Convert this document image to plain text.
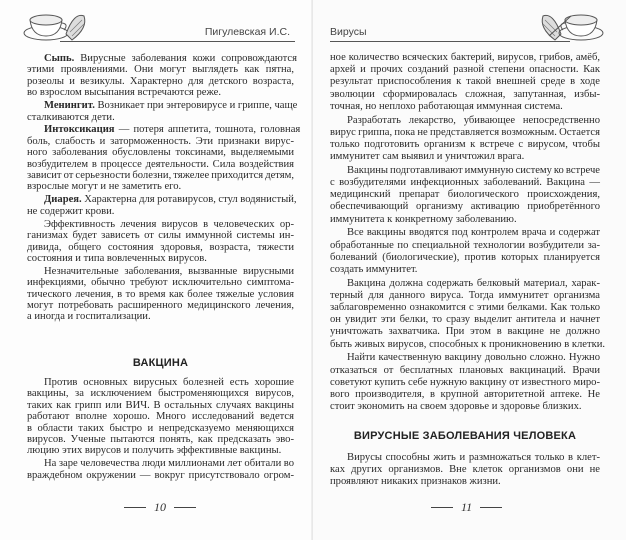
Пигулевская И.С.
Сыпь. Вирусные заболевания кожи сопровождаются
этими проявлениями. Они могут выглядеть как пятна,
розеолы и везикулы. Характерно для детского возраста,
во взрослом высыпания встречаются реже.
Менингит. Возникает при энтеровирусе и гриппе, чаще
сталкиваются дети.
Интоксикация — потеря аппетита, тошнота, головная
боль, слабость и заторможенность. Эти признаки вирус-
ного заболевания обусловлены токсинами, выделяемыми
возбудителем в процессе деятельности. Сила воздействия
зависит от серьезности болезни, тяжелее приходится детям,
взрослые могут и не заметить его.
Диарея. Характерна для ротавирусов, стул водянистый,
не содержит крови.
Эффективность лечения вирусов в человеческих ор-
ганизмах будет зависеть от силы иммунной системы ин-
дивида, общего состояния здоровья, возраста, тяжести
состояния и типа вовлеченных вирусов.
Незначительные заболевания, вызванные вирусными
инфекциями, обычно требуют исключительно симптома-
тического лечения, в то время как более тяжелые условия
могут потребовать расширенного медицинского лечения,
а иногда и госпитализации.
ВАКЦИНА
Против основных вирусных болезней есть хорошие
вакцины, за исключением быстроменяющихся вирусов,
таких как грипп или ВИЧ. В остальных случаях вакцины
работают вполне хорошо. Много исследований ведется
в области таких быстро и непредсказуемо меняющихся
вирусов. Ученые пытаются понять, как предсказать эво-
люцию этих вирусов и получить эффективные вакцины.
На заре человечества люди миллионами лет обитали во
враждебном окружении — вокруг присутствовало огром-
10
Вирусы
ное количество всяческих бактерий, вирусов, грибов, амёб,
архей и прочих созданий разной степени опасности. Как
результат приспособления к такой внешней среде в ходе
эволюции сформировалась сложная, запутанная, избы-
точная, но неплохо работающая иммунная система.
Разработать лекарство, убивающее непосредственно
вирус гриппа, пока не представляется возможным. Остается
только подготовить организм к встрече с вирусом, чтобы
иммунитет сам выявил и уничтожил врага.
Вакцины подготавливают иммунную систему ко встрече
с возбудителями инфекционных заболеваний. Вакцина —
медицинский препарат биологического происхождения,
обеспечивающий организму активацию приобретённого
иммунитета к конкретному заболеванию.
Все вакцины вводятся под контролем врача и содержат
обработанные по специальной технологии возбудители за-
болеваний (биологические), против которых планируется
создать иммунитет.
Вакцина должна содержать белковый материал, харак-
терный для данного вируса. Тогда иммунитет организма
заблаговременно ознакомится с этими белками. Как только
он увидит эти белки, то сразу выделит антитела и начнет
уничтожать захватчика. При этом в вакцине не должно
быть живых вирусов, способных к проникновению в клетки.
Найти качественную вакцину довольно сложно. Нужно
отказаться от бесплатных плановых вакцинаций. Врачи
советуют купить себе нужную вакцину от известного миро-
вого производителя, в крупной авторитетной аптеке. Не
стоит экономить на своем здоровье и здоровье близких.
ВИРУСНЫЕ ЗАБОЛЕВАНИЯ ЧЕЛОВЕКА
Вирусы способны жить и размножаться только в клет-
ках других организмов. Вне клеток организмов они не
проявляют никаких признаков жизни.
11
